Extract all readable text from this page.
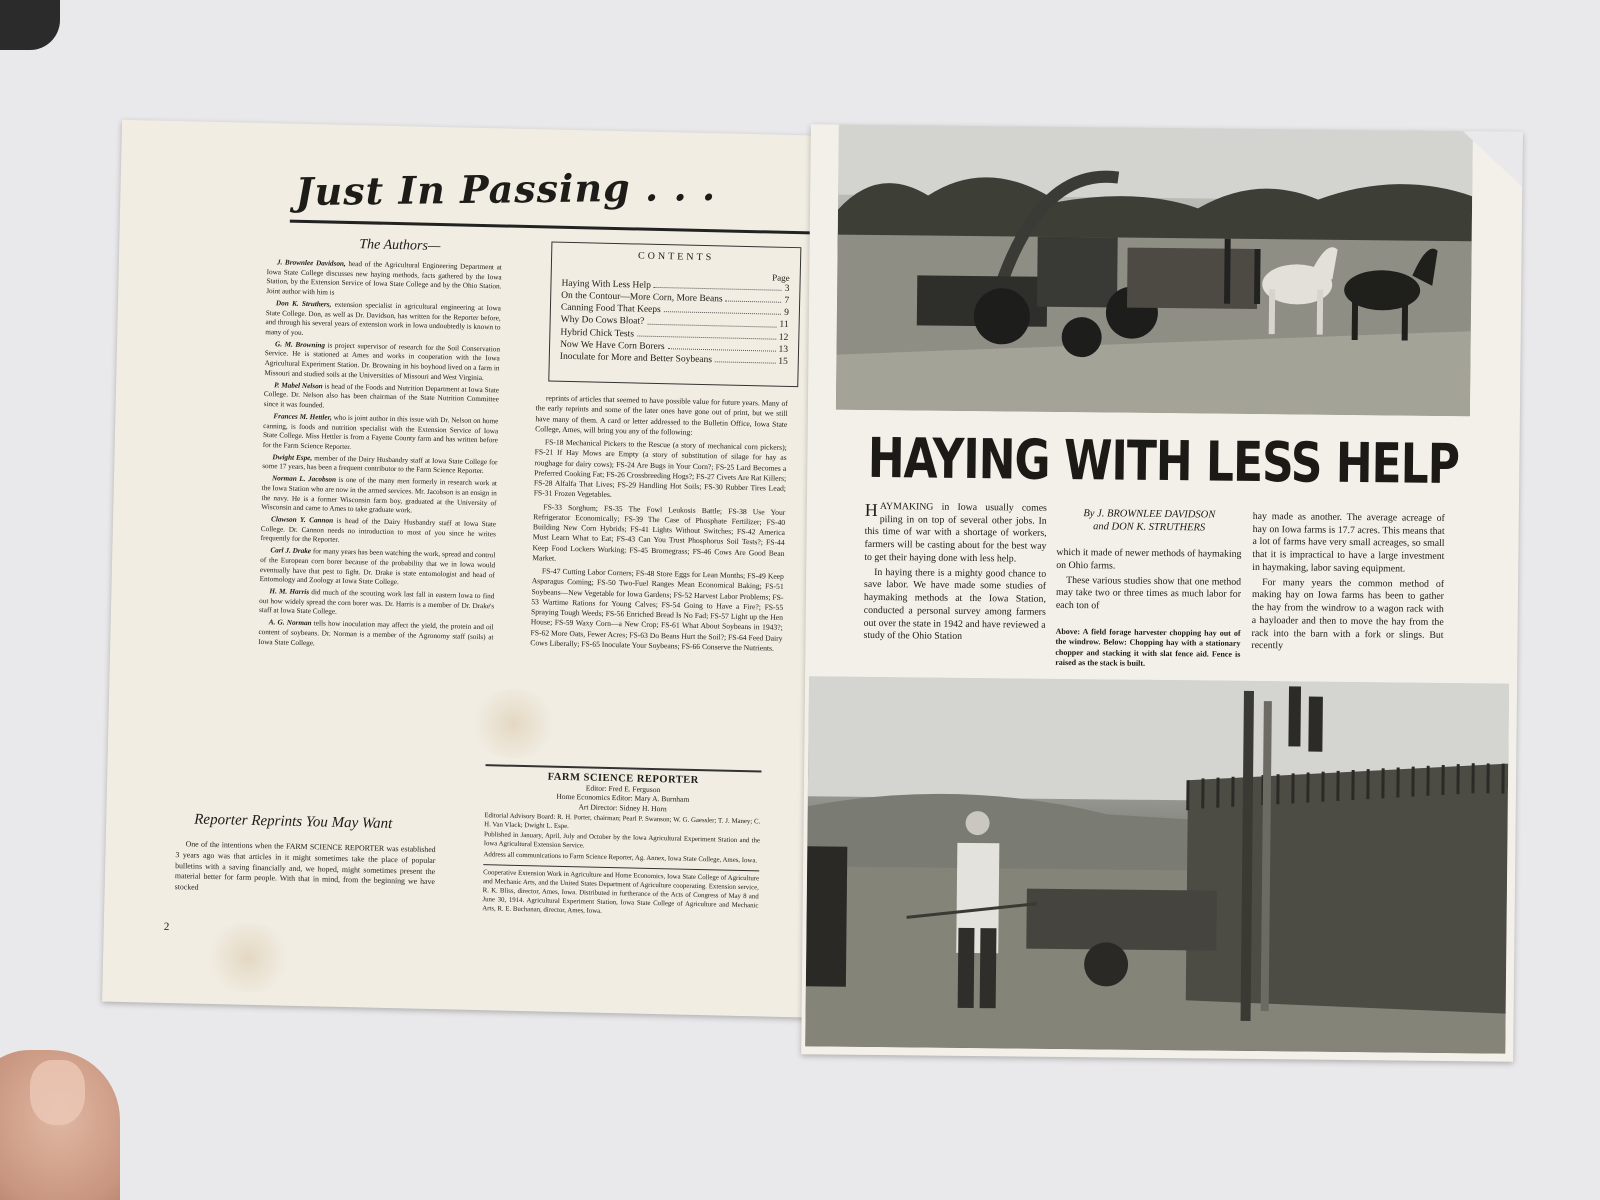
Just In Passing . . .
The Authors—

J. Brownlee Davidson, head of the Agricultural Engineering Department at Iowa State College discusses new haying methods, facts gathered by the Iowa Station, by the Extension Service of Iowa State College and by the Ohio Station. Joint author with him is

Don K. Struthers, extension specialist in agricultural engineering at Iowa State College. Don, as well as Dr. Davidson, has written for the Reporter before, and through his several years of extension work in Iowa undoubtedly is known to many of you.

G. M. Browning is project supervisor of research for the Soil Conservation Service. He is stationed at Ames and works in cooperation with the Iowa Agricultural Experiment Station. Dr. Browning in his boyhood lived on a farm in Missouri and studied soils at the Universities of Missouri and West Virginia.

P. Mabel Nelson is head of the Foods and Nutrition Department at Iowa State College. Dr. Nelson also has been chairman of the State Nutrition Committee since it was founded.

Frances M. Hettler, who is joint author in this issue with Dr. Nelson on home canning, is foods and nutrition specialist with the Extension Service of Iowa State College. Miss Hettler is from a Fayette County farm and has written before for the Farm Science Reporter.

Dwight Espe, member of the Dairy Husbandry staff at Iowa State College for some 17 years, has been a frequent contributor to the Farm Science Reporter.

Norman L. Jacobson is one of the many men formerly in research work at the Iowa Station who are now in the armed services. Mr. Jacobson is an ensign in the navy. He is a former Wisconsin farm boy, graduated at the University of Wisconsin and came to Ames to take graduate work.

Clawson Y. Cannon is head of the Dairy Husbandry staff at Iowa State College. Dr. Cannon needs no introduction to most of you since he writes frequently for the Reporter.

Carl J. Drake for many years has been watching the work, spread and control of the European corn borer because of the probability that we in Iowa would eventually have that pest to fight. Dr. Drake is state entomologist and head of Entomology and Zoology at Iowa State College.

H. M. Harris did much of the scouting work last fall in eastern Iowa to find out how widely spread the corn borer was. Dr. Harris is a member of Dr. Drake's staff at Iowa State College.

A. G. Norman tells how inoculation may affect the yield, the protein and oil content of soybeans. Dr. Norman is a member of the Agronomy staff (soils) at Iowa State College.

CONTENTS
Page
Haying With Less Help	3
On the Contour—More Corn, More Beans	7
Canning Food That Keeps	9
Why Do Cows Bloat?	11
Hybrid Chick Tests	12
Now We Have Corn Borers	13
Inoculate for More and Better Soybeans	15

reprints of articles that seemed to have possible value for future years. Many of the early reprints and some of the later ones have gone out of print, but we still have many of them. A card or letter addressed to the Bulletin Office, Iowa State College, Ames, will bring you any of the following:

FS-18 Mechanical Pickers to the Rescue (a story of mechanical corn pickers); FS-21 If Hay Mows are Empty (a story of substitution of silage for hay as roughage for dairy cows); FS-24 Are Bugs in Your Corn?; FS-25 Lard Becomes a Preferred Cooking Fat; FS-26 Crossbreeding Hogs?; FS-27 Civets Are Rat Killers; FS-28 Alfalfa That Lives; FS-29 Handling Hot Soils; FS-30 Rubber Tires Lead; FS-31 Frozen Vegetables.

FS-33 Sorghum; FS-35 The Fowl Leukosis Battle; FS-38 Use Your Refrigerator Economically; FS-39 The Case of Phosphate Fertilizer; FS-40 Building New Corn Hybrids; FS-41 Lights Without Switches; FS-42 America Must Learn What to Eat; FS-43 Can You Trust Phosphorus Soil Tests?; FS-44 Keep Food Lockers Working; FS-45 Bromegrass; FS-46 Cows Are Good Bean Market.

FS-47 Cutting Labor Corners; FS-48 Store Eggs for Lean Months; FS-49 Keep Asparagus Coming; FS-50 Two-Fuel Ranges Mean Economical Baking; FS-51 Soybeans—New Vegetable for Iowa Gardens; FS-52 Harvest Labor Problems; FS-53 Wartime Rations for Young Calves; FS-54 Going to Have a Fire?; FS-55 Spraying Tough Weeds; FS-56 Enriched Bread Is No Fad; FS-57 Light up the Hen House; FS-59 Waxy Corn—a New Crop; FS-61 What About Soybeans in 1943?; FS-62 More Oats, Fewer Acres; FS-63 Do Beans Hurt the Soil?; FS-64 Feed Dairy Cows Liberally; FS-65 Inoculate Your Soybeans; FS-66 Conserve the Nutrients.

Reporter Reprints You May Want

One of the intentions when the FARM SCIENCE REPORTER was established 3 years ago was that articles in it might sometimes take the place of popular bulletins with a saving financially and, we hoped, might sometimes present the material better for farm people. With that in mind, from the beginning we have stocked

FARM SCIENCE REPORTER
Editor: Fred E. Ferguson
Home Economics Editor: Mary A. Burnham
Art Director: Sidney H. Horn
Editorial Advisory Board: R. H. Porter, chairman; Pearl P. Swanson; W. G. Gaessler; T. J. Maney; C. H. Van Vlack; Dwight L. Espe.
Published in January, April, July and October by the Iowa Agricultural Experiment Station and the Iowa Agricultural Extension Service.
Address all communications to Farm Science Reporter, Ag. Annex, Iowa State College, Ames, Iowa.
Cooperative Extension Work in Agriculture and Home Economics, Iowa State College of Agriculture and Mechanic Arts, and the United States Department of Agriculture cooperating. Extension service, R. K. Bliss, director, Ames, Iowa. Distributed in furtherance of the Acts of Congress of May 8 and June 30, 1914. Agricultural Experiment Station, Iowa State College of Agriculture and Mechanic Arts, R. E. Buchanan, director, Ames, Iowa.
2
HAYING WITH LESS HELP

HAYMAKING in Iowa usually comes piling in on top of several other jobs. In this time of war with a shortage of workers, farmers will be casting about for the best way to get their haying done with less help.

In haying there is a mighty good chance to save labor. We have made some studies of haymaking methods at the Iowa Station, conducted a personal survey among farmers out over the state in 1942 and have reviewed a study of the Ohio Station

By J. BROWNLEE DAVIDSON
and DON K. STRUTHERS

which it made of newer methods of haymaking on Ohio farms.

These various studies show that one method may take two or three times as much labor for each ton of

Above: A field forage harvester chopping hay out of the windrow. Below: Chopping hay with a stationary chopper and stacking it with slat fence aid. Fence is raised as the stack is built.

hay made as another. The average acreage of hay on Iowa farms is 17.7 acres. This means that a lot of farms have very small acreages, so small that it is impractical to have a large investment in haymaking, labor saving equipment.

For many years the common method of making hay on Iowa farms has been to gather the hay from the windrow to a wagon rack with a hayloader and then to move the hay from the rack into the barn with a fork or slings. But recently
